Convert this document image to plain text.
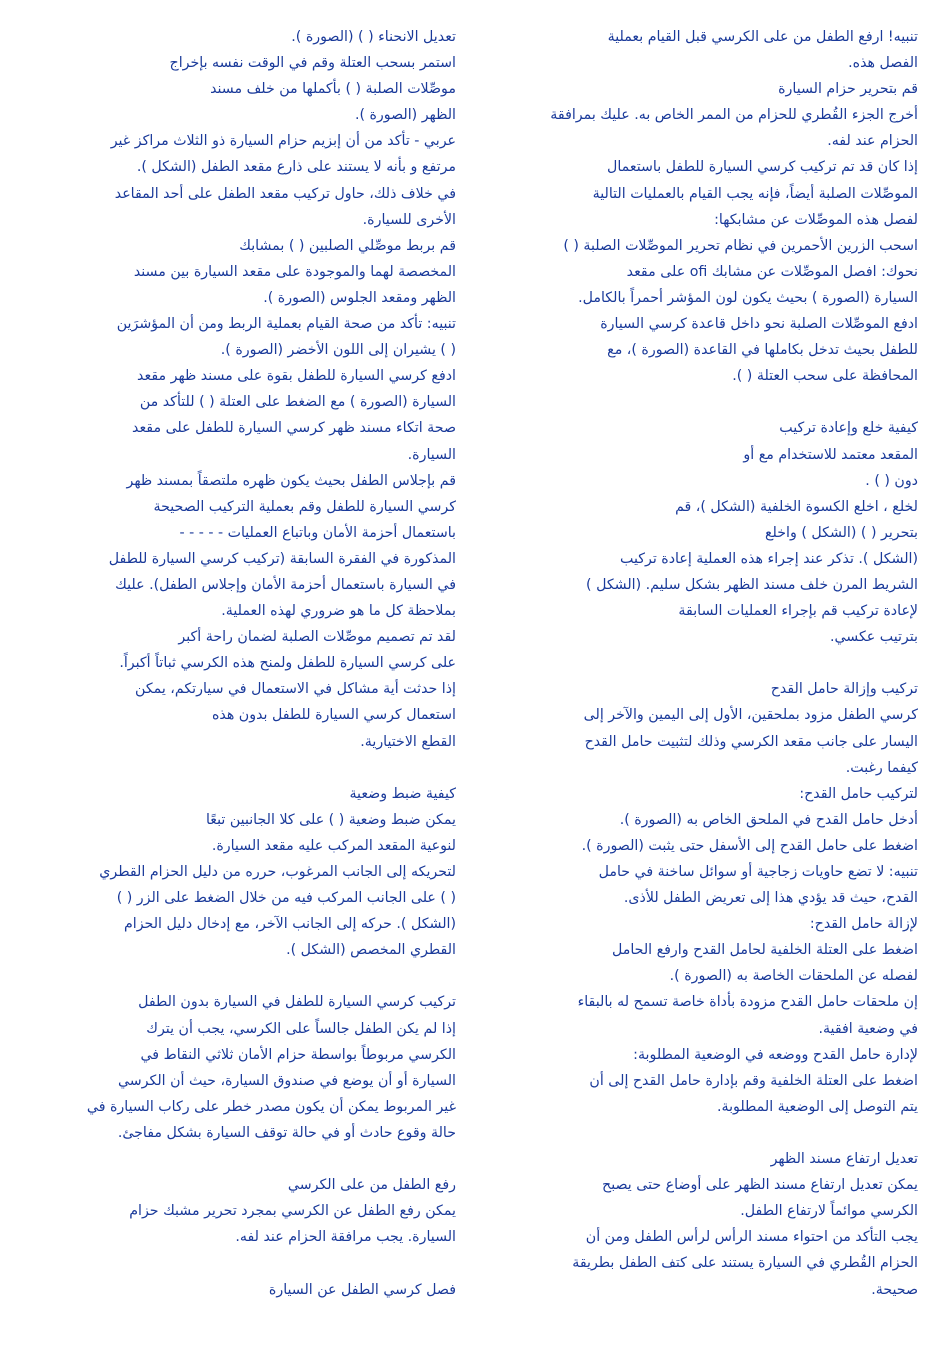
تنبيه! ارفع الطفل من على الكرسي قبل القيام بعملية
الفصل هذه.
قم بتحرير حزام السيارة
أخرج الجزء القُطري للحزام من الممر الخاص به. عليك بمرافقة
الحزام عند لفه.
إذا كان قد تم تركيب كرسي السيارة للطفل باستعمال
الموصِّلات الصلبة أيضاً، فإنه يجب القيام بالعمليات التالية
لفصل هذه الموصِّلات عن مشابكها:
اسحب الزرين الأحمرين في نظام تحرير الموصِّلات الصلبة ( )
نحوك: افصل الموصِّلات عن مشابك ofi على مقعد
السيارة (الصورة ) بحيث يكون لون المؤشر أحمراً بالكامل.
ادفع الموصِّلات الصلبة نحو داخل قاعدة كرسي السيارة
للطفل بحيث تدخل بكاملها في القاعدة (الصورة )، مع
المحافظة على سحب العتلة ( ).
كيفية خلع وإعادة تركيب
المقعد معتمد للاستخدام مع أو
دون ( ) .
لخلع ، اخلع الكسوة الخلفية (الشكل )، قم
بتحرير ( ) (الشكل ) واخلع
(الشكل ). تذكر عند إجراء هذه العملية إعادة تركيب
الشريط المرن خلف مسند الظهر بشكل سليم. (الشكل )
لإعادة تركيب قم بإجراء العمليات السابقة
بترتيب عكسي.
تركيب وإزالة حامل القدح
كرسي الطفل مزود بملحقين، الأول إلى اليمين والآخر إلى
اليسار على جانب مقعد الكرسي وذلك لتثبيت حامل القدح
كيفما رغبت.
لتركيب حامل القدح:
أدخل حامل القدح في الملحق الخاص به (الصورة ).
اضغط على حامل القدح إلى الأسفل حتى يثبت (الصورة ).
تنبيه: لا تضع حاويات زجاجية أو سوائل ساخنة في حامل
القدح، حيث قد يؤدي هذا إلى تعريض الطفل للأذى.
لإزالة حامل القدح:
اضغط على العتلة الخلفية لحامل القدح وارفع الحامل
لفصله عن الملحقات الخاصة به (الصورة ).
إن ملحقات حامل القدح مزودة بأداة خاصة تسمح له بالبقاء
في وضعية افقية.
لإدارة حامل القدح ووضعه في الوضعية المطلوبة:
اضغط على العتلة الخلفية وقم بإدارة حامل القدح إلى أن
يتم التوصل إلى الوضعية المطلوبة.
تعديل ارتفاع مسند الظهر
يمكن تعديل ارتفاع مسند الظهر على أوضاع حتى يصبح
الكرسي موائماً لارتفاع الطفل.
يجب التأكد من احتواء مسند الرأس لرأس الطفل ومن أن
الحزام القُطري في السيارة يستند على كتف الطفل بطريقة
صحيحة.
تعديل الانحناء ( ) (الصورة ).
استمر بسحب العتلة وقم في الوقت نفسه بإخراج
موصِّلات الصلبة ( ) بأكملها من خلف مسند
الظهر (الصورة ).
عربي - تأكد من أن إبزيم حزام السيارة ذو الثلاث مراكز غير
مرتفع و بأنه لا يستند على ذارع مقعد الطفل (الشكل ).
في خلاف ذلك، حاول تركيب مقعد الطفل على أحد المقاعد
الأخرى للسيارة.
قم بربط موصِّلي الصلبين ( ) بمشابك
المخصصة لهما والموجودة على مقعد السيارة بين مسند
الظهر ومقعد الجلوس (الصورة ).
تنبيه: تأكد من صحة القيام بعملية الربط ومن أن المؤشرَين
( ) يشيران إلى اللون الأخضر (الصورة ).
ادفع كرسي السيارة للطفل بقوة على مسند ظهر مقعد
السيارة (الصورة ) مع الضغط على العتلة ( ) للتأكد من
صحة اتكاء مسند ظهر كرسي السيارة للطفل على مقعد
السيارة.
قم بإجلاس الطفل بحيث يكون ظهره ملتصقاً بمسند ظهر
كرسي السيارة للطفل وقم بعملية التركيب الصحيحة
باستعمال أحزمة الأمان وباتباع العمليات - - - - -
المذكورة في الفقرة السابقة (تركيب كرسي السيارة للطفل
في السيارة باستعمال أحزمة الأمان وإجلاس الطفل). عليك
بملاحظة كل ما هو ضروري لهذه العملية.
لقد تم تصميم موصِّلات الصلبة لضمان راحة أكبر
على كرسي السيارة للطفل ولمنح هذه الكرسي ثباتاً أكبراً.
إذا حدثت أية مشاكل في الاستعمال في سيارتكم، يمكن
استعمال كرسي السيارة للطفل بدون هذه
القطع الاختيارية.
كيفية ضبط وضعية
يمكن ضبط وضعية ( ) على كلا الجانبين تبعًا
لنوعية المقعد المركب عليه مقعد السيارة.
لتحريكه إلى الجانب المرغوب، حرره من دليل الحزام القطري
( ) على الجانب المركب فيه من خلال الضغط على الزر ( )
(الشكل ). حركه إلى الجانب الآخر، مع إدخال دليل الحزام
القطري المخصص (الشكل ).
تركيب كرسي السيارة للطفل في السيارة بدون الطفل
إذا لم يكن الطفل جالساً على الكرسي، يجب أن يترك
الكرسي مربوطاً بواسطة حزام الأمان ثلاثي النقاط في
السيارة أو أن يوضع في صندوق السيارة، حيث أن الكرسي
غير المربوط يمكن أن يكون مصدر خطر على ركاب السيارة في
حالة وقوع حادث أو في حالة توقف السيارة بشكل مفاجئ.
رفع الطفل من على الكرسي
يمكن رفع الطفل عن الكرسي بمجرد تحرير مشبك حزام
السيارة. يجب مرافقة الحزام عند لفه.
فصل كرسي الطفل عن السيارة
